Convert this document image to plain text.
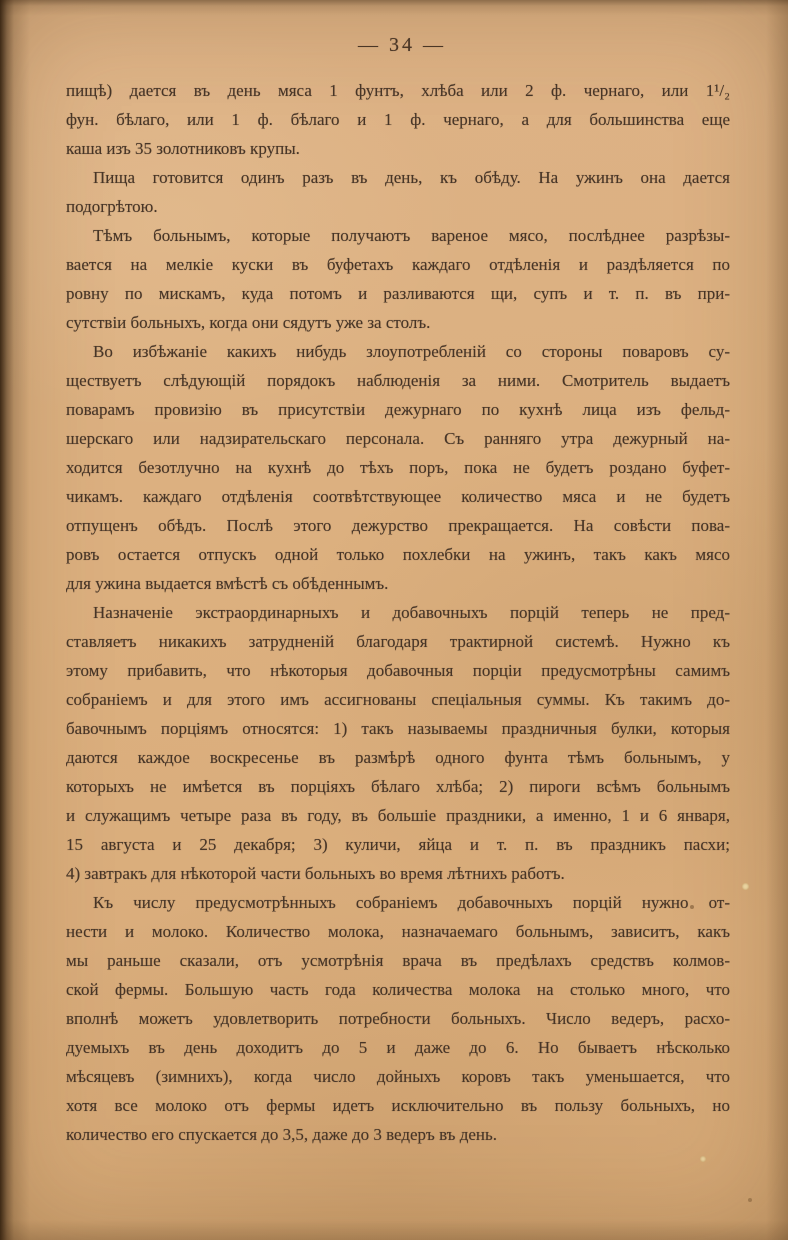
— 34 —
пищѣ) дается въ день мяса 1 фунтъ, хлѣба или 2 ф. чернаго, или 1¹/₂
фун. бѣлаго, или 1 ф. бѣлаго и 1 ф. чернаго, а для большинства еще
каша изъ 35 золотниковъ крупы.
Пища готовится одинъ разъ въ день, къ обѣду. На ужинъ она дается
подогрѣтою.
Тѣмъ больнымъ, которые получаютъ вареное мясо, послѣднее разрѣзы-
вается на мелкіе куски въ буфетахъ каждаго отдѣленія и раздѣляется по
ровну по мискамъ, куда потомъ и разливаются щи, супъ и т. п. въ при-
сутствіи больныхъ, когда они сядутъ уже за столъ.
Во избѣжаніе какихъ нибудь злоупотребленій со стороны поваровъ су-
ществуетъ слѣдующій порядокъ наблюденія за ними. Смотритель выдаетъ
поварамъ провизію въ присутствіи дежурнаго по кухнѣ лица изъ фельд-
шерскаго или надзирательскаго персонала. Съ ранняго утра дежурный на-
ходится безотлучно на кухнѣ до тѣхъ поръ, пока не будетъ роздано буфет-
чикамъ. каждаго отдѣленія соотвѣтствующее количество мяса и не будетъ
отпущенъ обѣдъ. Послѣ этого дежурство прекращается. На совѣсти пова-
ровъ остается отпускъ одной только похлебки на ужинъ, такъ какъ мясо
для ужина выдается вмѣстѣ съ обѣденнымъ.
Назначеніе экстраординарныхъ и добавочныхъ порцій теперь не пред-
ставляетъ никакихъ затрудненій благодаря трактирной системѣ. Нужно къ
этому прибавить, что нѣкоторыя добавочныя порціи предусмотрѣны самимъ
собраніемъ и для этого имъ ассигнованы спеціальныя суммы. Къ такимъ до-
бавочнымъ порціямъ относятся: 1) такъ называемы праздничныя булки, которыя
даются каждое воскресенье въ размѣрѣ одного фунта тѣмъ больнымъ, у
которыхъ не имѣется въ порціяхъ бѣлаго хлѣба; 2) пироги всѣмъ больнымъ
и служащимъ четыре раза въ году, въ большіе праздники, а именно, 1 и 6 января,
15 августа и 25 декабря; 3) куличи, яйца и т. п. въ праздникъ пасхи;
4) завтракъ для нѣкоторой части больныхъ во время лѣтнихъ работъ.
Къ числу предусмотрѣнныхъ собраніемъ добавочныхъ порцій нужно от-
нести и молоко. Количество молока, назначаемаго больнымъ, зависитъ, какъ
мы раньше сказали, отъ усмотрѣнія врача въ предѣлахъ средствъ колмов-
ской фермы. Большую часть года количества молока на столько много, что
вполнѣ можетъ удовлетворить потребности больныхъ. Число ведеръ, расхо-
дуемыхъ въ день доходитъ до 5 и даже до 6. Но бываетъ нѣсколько
мѣсяцевъ (зимнихъ), когда число дойныхъ коровъ такъ уменьшается, что
хотя все молоко отъ фермы идетъ исключительно въ пользу больныхъ, но
количество его спускается до 3,5, даже до 3 ведеръ въ день.
